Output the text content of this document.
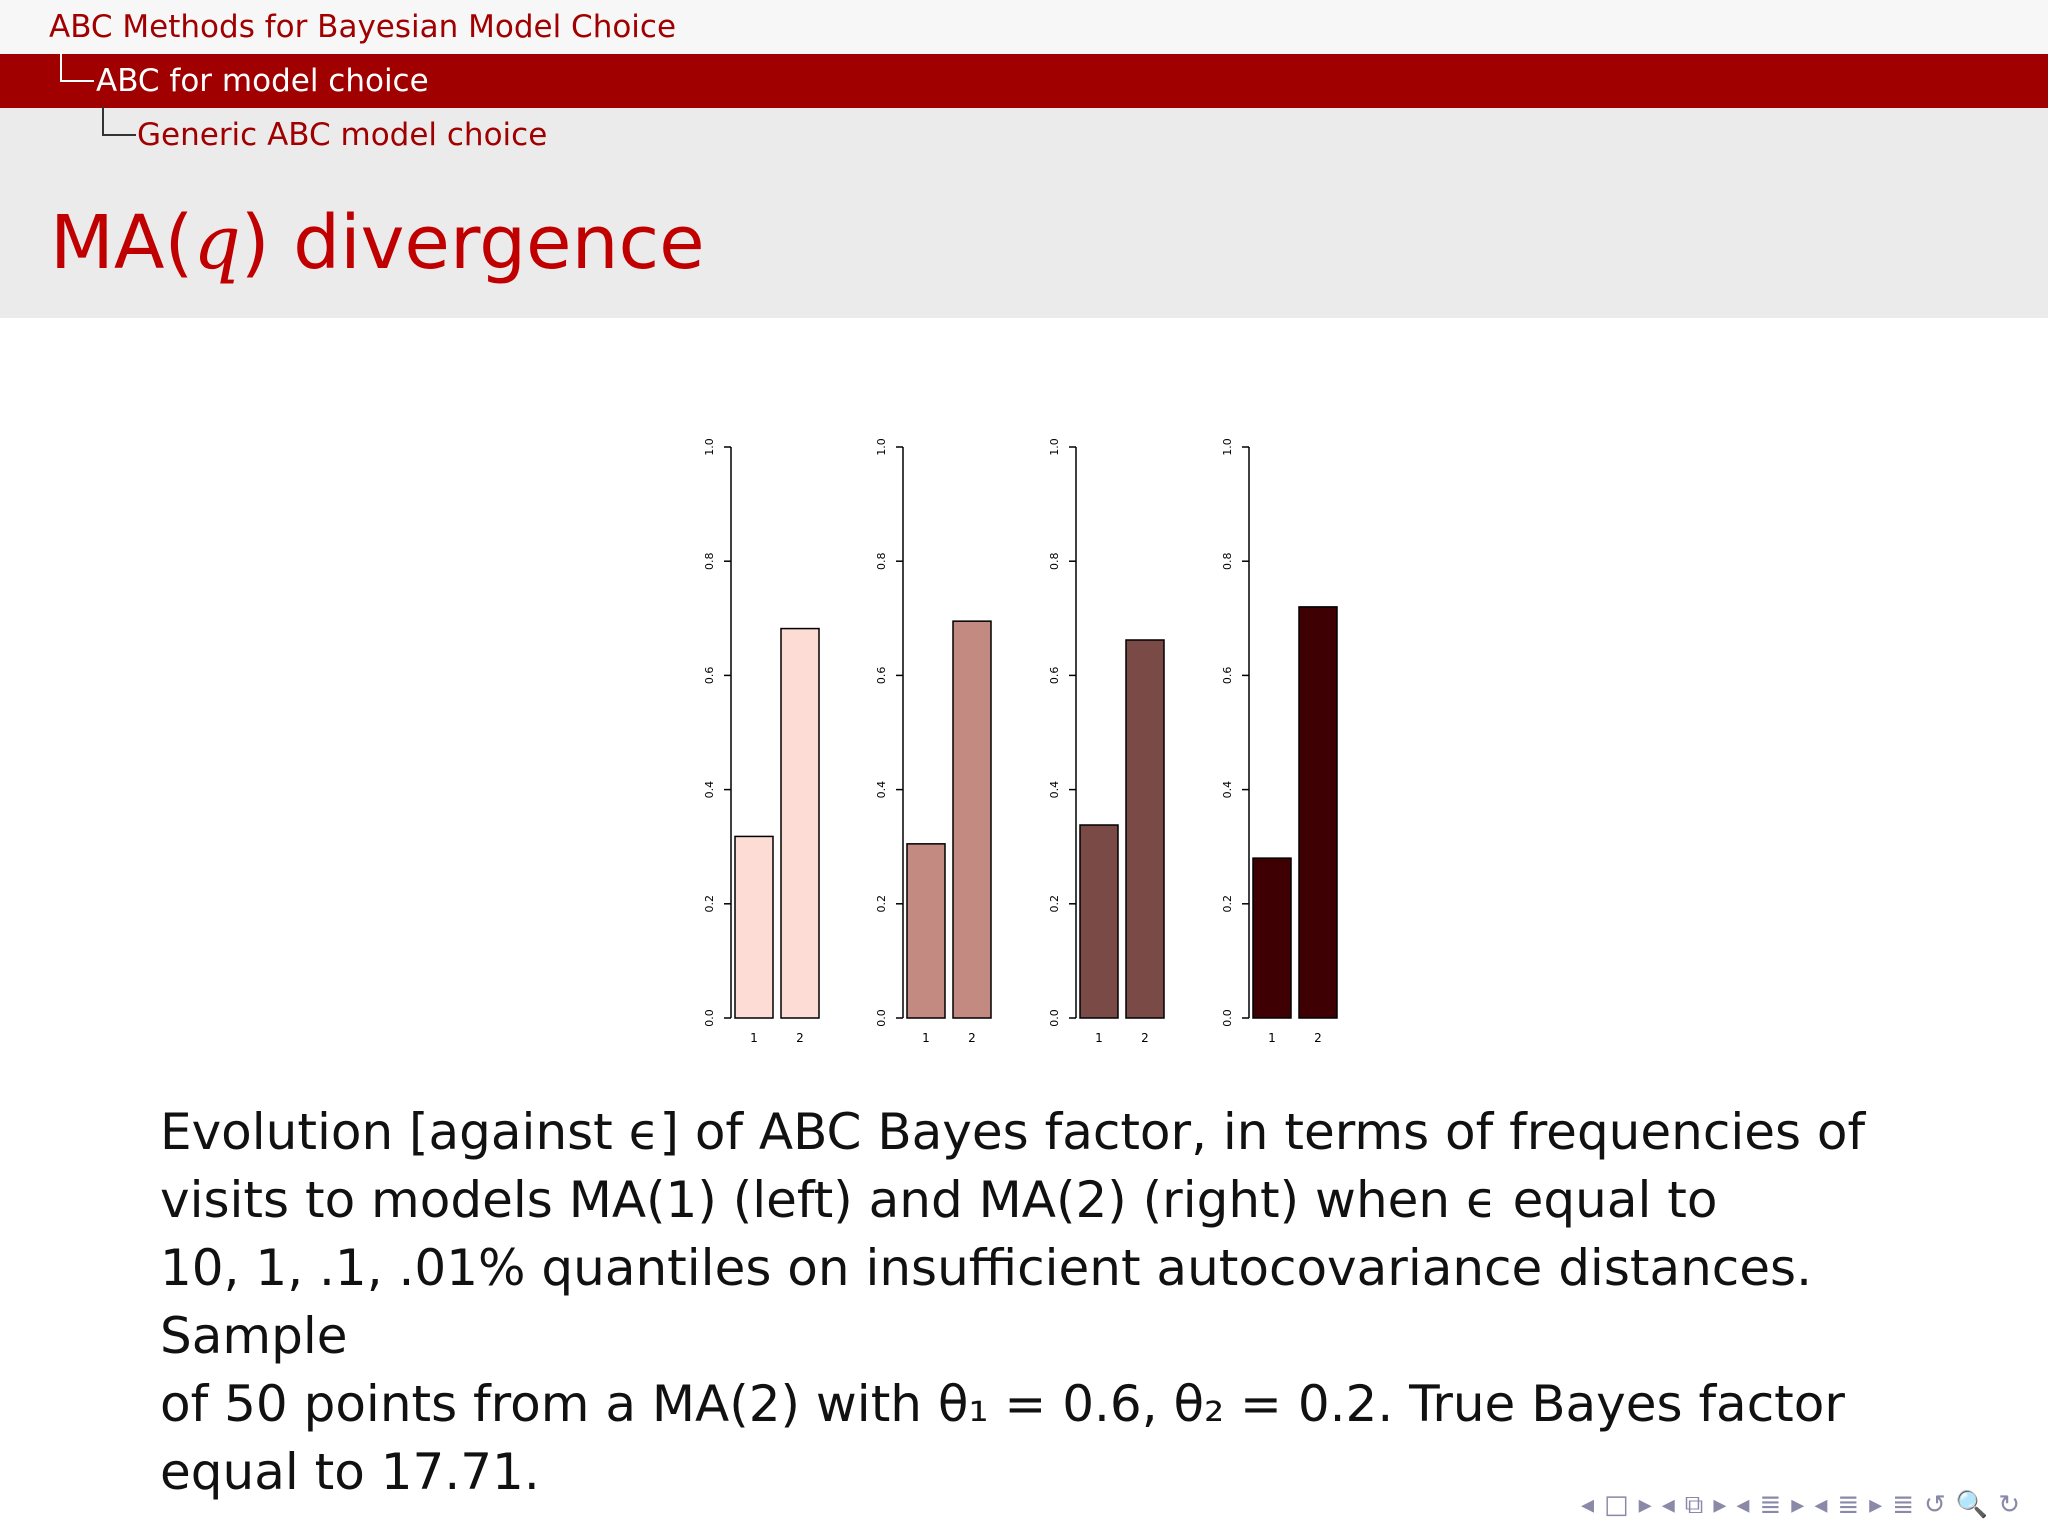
ABC Methods for Bayesian Model Choice
ABC for model choice
Generic ABC model choice
MA(q) divergence
0.0
0.2
0.4
0.6
0.8
1.0
1	2
0.0
0.2
0.4
0.6
0.8
1.0
1	2
0.0
0.2
0.4
0.6
0.8
1.0
1	2
0.0
0.2
0.4
0.6
0.8
1.0
1	2
Evolution [against ϵ] of ABC Bayes factor, in terms of frequencies of
visits to models MA(1) (left) and MA(2) (right) when ϵ equal to
10, 1, .1, .01% quantiles on insufficient autocovariance distances. Sample
of 50 points from a MA(2) with θ₁ = 0.6, θ₂ = 0.2. True Bayes factor
equal to 17.71.
◂ □ ▸ ◂ ⧉ ▸ ◂ ≣ ▸ ◂ ≣ ▸ ≣ ↺ 🔍 ↻
